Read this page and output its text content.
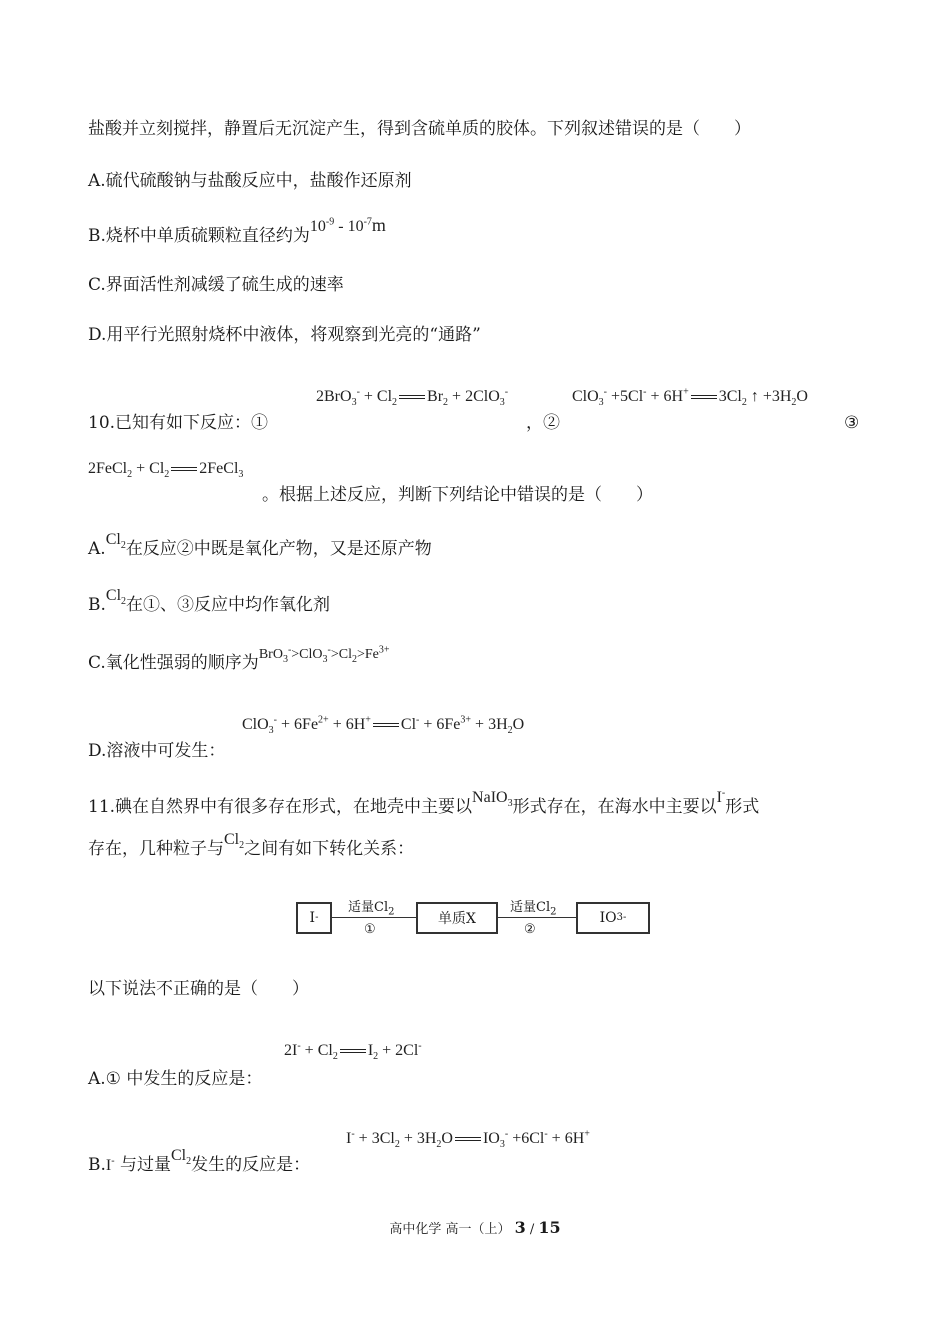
盐酸并立刻搅拌，静置后无沉淀产生，得到含硫单质的胶体。下列叙述错误的是（　　）
A.硫代硫酸钠与盐酸反应中，盐酸作还原剂
B.烧杯中单质硫颗粒直径约为$10^{-9} - 10^{-7}m$
C.界面活性剂减缓了硫生成的速率
D.用平行光照射烧杯中液体，将观察到光亮的“通路”
$2BrO_3^- + Cl_2$ $Br_2 + 2ClO_3^-$	ClO$_3$- +5Cl- + 6H+ $3Cl_2$ ↑ $+3H_2O$
10.已知有如下反应：①	，②	③
2FeCl$_2$ + $Cl_2$ 2FeCl$_3$
。根据上述反应，判断下列结论中错误的是（　　）
$A.Cl_2$在反应②中既是氧化产物，又是还原产物
$B.Cl_2$在①、③反应中均作氧化剂
C.氧化性强弱的顺序为$^{BrO_3^->ClO_3^->Cl_2>Fe^{3+}}$
$ClO_3^- + 6Fe^{2+} + 6H^+$ $Cl^- + 6Fe^{3+} + 3H_2O$
D.溶液中可发生：
11.碘在自然界中有很多存在形式，在地壳中主要以NaIO$_3$形式存在，在海水中主要以I-形式
存在，几种粒子与$Cl_2$之间有如下转化关系：
I -
适量$Cl_2$
①
单质X
适量$Cl_2$
②
IO 3 -
以下说法不正确的是（　　）
$2I^- + Cl_2$ $I_2 + 2Cl^-$
A.① 中发生的反应是：
$I^- + 3Cl_2 + 3H_2O$ $IO_3^- +6Cl^- + 6H^+$
B.I- 与过量$Cl_2$发生的反应是：
高中化学 高一（上） 3 / 15
